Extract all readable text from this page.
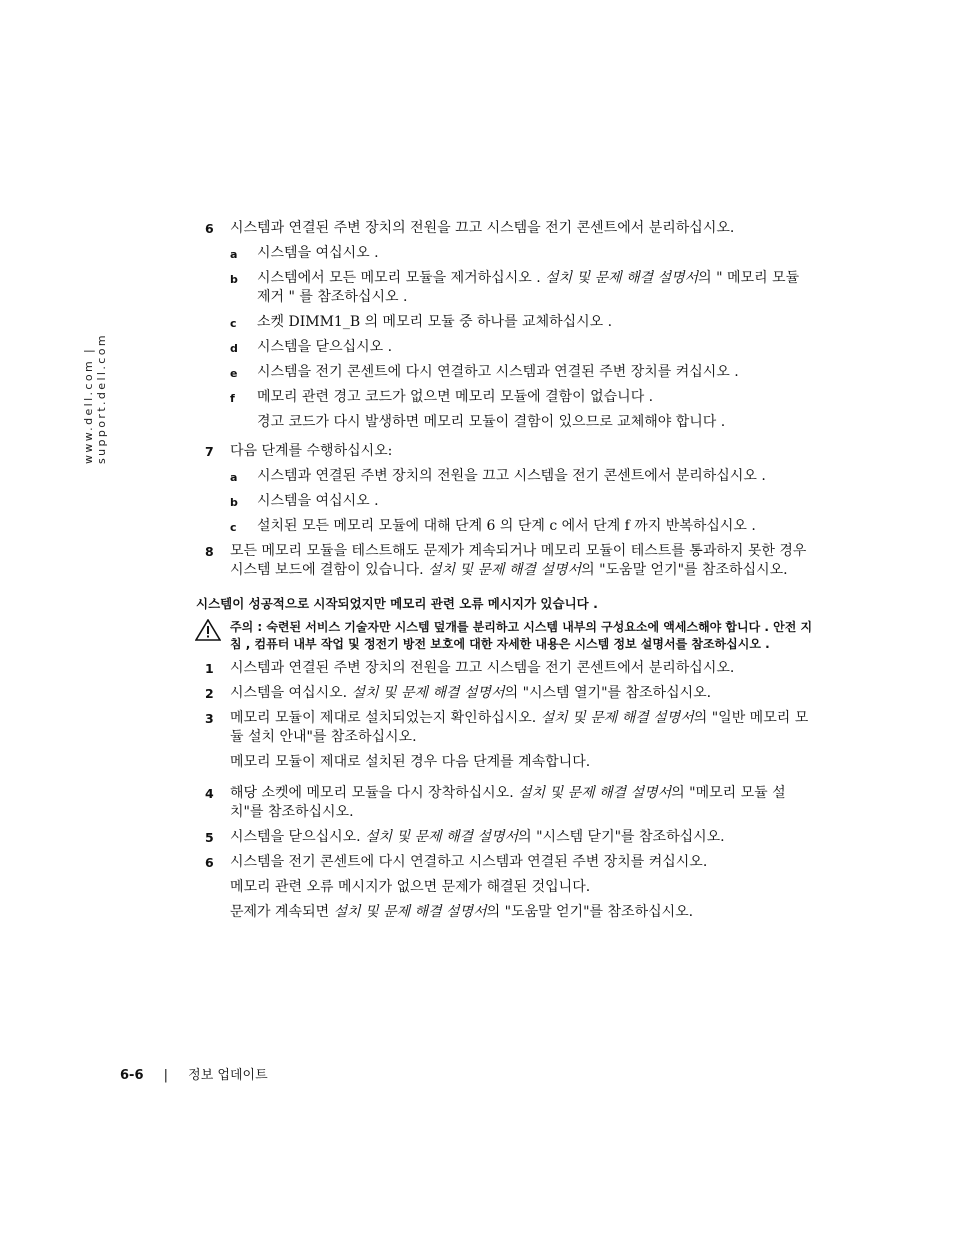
www.dell.com | support.dell.com
6 시스템과 연결된 주변 장치의 전원을 끄고 시스템을 전기 콘센트에서 분리하십시오.
a 시스템을 여십시오 .
b 시스템에서 모든 메모리 모듈을 제거하십시오 . 설치 및 문제 해결 설명서의 " 메모리 모듈 제거 " 를 참조하십시오 .
c 소켓 DIMM1_B 의 메모리 모듈 중 하나를 교체하십시오 .
d 시스템을 닫으십시오 .
e 시스템을 전기 콘센트에 다시 연결하고 시스템과 연결된 주변 장치를 켜십시오 .
f 메모리 관련 경고 코드가 없으면 메모리 모듈에 결함이 없습니다 .
경고 코드가 다시 발생하면 메모리 모듈이 결함이 있으므로 교체해야 합니다 .
7 다음 단계를 수행하십시오:
a 시스템과 연결된 주변 장치의 전원을 끄고 시스템을 전기 콘센트에서 분리하십시오 .
b 시스템을 여십시오 .
c 설치된 모든 메모리 모듈에 대해 단계 6 의 단계 c 에서 단계 f 까지 반복하십시오 .
8 모든 메모리 모듈을 테스트해도 문제가 계속되거나 메모리 모듈이 테스트를 통과하지 못한 경우 시스템 보드에 결함이 있습니다. 설치 및 문제 해결 설명서의 "도움말 얻기"를 참조하십시오.
시스템이 성공적으로 시작되었지만 메모리 관련 오류 메시지가 있습니다 .
주의 : 숙련된 서비스 기술자만 시스템 덮개를 분리하고 시스템 내부의 구성요소에 액세스해야 합니다 . 안전 지침 , 컴퓨터 내부 작업 및 정전기 방전 보호에 대한 자세한 내용은 시스템 정보 설명서를 참조하십시오 .
1 시스템과 연결된 주변 장치의 전원을 끄고 시스템을 전기 콘센트에서 분리하십시오.
2 시스템을 여십시오. 설치 및 문제 해결 설명서의 "시스템 열기"를 참조하십시오.
3 메모리 모듈이 제대로 설치되었는지 확인하십시오. 설치 및 문제 해결 설명서의 "일반 메모리 모듈 설치 안내"를 참조하십시오.
메모리 모듈이 제대로 설치된 경우 다음 단계를 계속합니다.
4 해당 소켓에 메모리 모듈을 다시 장착하십시오. 설치 및 문제 해결 설명서의 "메모리 모듈 설치"를 참조하십시오.
5 시스템을 닫으십시오. 설치 및 문제 해결 설명서의 "시스템 닫기"를 참조하십시오.
6 시스템을 전기 콘센트에 다시 연결하고 시스템과 연결된 주변 장치를 켜십시오.
메모리 관련 오류 메시지가 없으면 문제가 해결된 것입니다.
문제가 계속되면 설치 및 문제 해결 설명서의 "도움말 얻기"를 참조하십시오.
6-6 | 정보 업데이트
